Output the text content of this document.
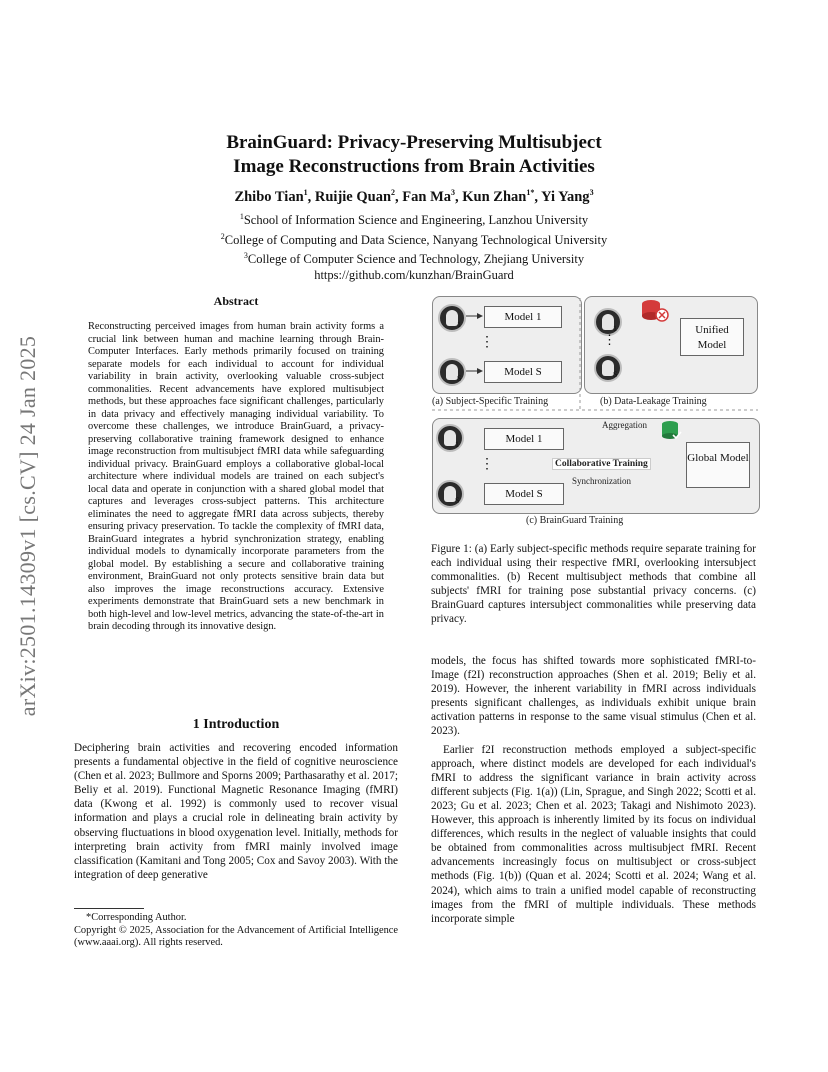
arXiv:2501.14309v1 [cs.CV] 24 Jan 2025
BrainGuard: Privacy-Preserving Multisubject
Image Reconstructions from Brain Activities
Zhibo Tian$^1$, Ruijie Quan$^2$, Fan Ma$^3$, Kun Zhan$^{1*}$, Yi Yang$^3$
$^1$School of Information Science and Engineering, Lanzhou University
$^2$College of Computing and Data Science, Nanyang Technological University
$^3$College of Computer Science and Technology, Zhejiang University
https://github.com/kunzhan/BrainGuard
Abstract
Reconstructing perceived images from human brain activity forms a crucial link between human and machine learning through Brain-Computer Interfaces. Early methods primarily focused on training separate models for each individual to account for individual variability in brain activity, overlooking valuable cross-subject commonalities. Recent advancements have explored multisubject methods, but these approaches face significant challenges, particularly in data privacy and effectively managing individual variability. To overcome these challenges, we introduce BrainGuard, a privacy-preserving collaborative training framework designed to enhance image reconstruction from multisubject fMRI data while safeguarding individual privacy. BrainGuard employs a collaborative global-local architecture where individual models are trained on each subject's local data and operate in conjunction with a shared global model that captures and leverages cross-subject patterns. This architecture eliminates the need to aggregate fMRI data across subjects, thereby ensuring privacy preservation. To tackle the complexity of fMRI data, BrainGuard integrates a hybrid synchronization strategy, enabling individual models to dynamically incorporate parameters from the global model. By establishing a secure and collaborative training environment, BrainGuard not only protects sensitive brain data but also improves the image reconstructions accuracy. Extensive experiments demonstrate that BrainGuard sets a new benchmark in both high-level and low-level metrics, advancing the state-of-the-art in brain decoding through its innovative design.
1 Introduction
Deciphering brain activities and recovering encoded information presents a fundamental objective in the field of cognitive neuroscience (Chen et al. 2023; Bullmore and Sporns 2009; Parthasarathy et al. 2017; Beliy et al. 2019). Functional Magnetic Resonance Imaging (fMRI) data (Kwong et al. 1992) is commonly used to recover visual information and plays a crucial role in delineating brain activity by observing fluctuations in blood oxygenation level. Initially, methods for interpreting brain activity from fMRI mainly involved image classification (Kamitani and Tong 2005; Cox and Savoy 2003). With the integration of deep generative

*Corresponding Author.

Copyright © 2025, Association for the Advancement of Artificial Intelligence (www.aaai.org). All rights reserved.

1
S
Model 1
Model S
⋮
(a) Subject-Specific Training
1
S
⋮
Unified Model
(b) Data-Leakage Training
1
S
Model 1
Model S
⋮
Aggregation
Collaborative Training
Synchronization
Global Model
(c) BrainGuard Training
Figure 1: (a) Early subject-specific methods require separate training for each individual using their respective fMRI, overlooking intersubject commonalities. (b) Recent multisubject methods that combine all subjects' fMRI for training pose substantial privacy concerns. (c) BrainGuard captures intersubject commonalities while preserving data privacy.

models, the focus has shifted towards more sophisticated fMRI-to-Image (f2I) reconstruction approaches (Shen et al. 2019; Beliy et al. 2019). However, the inherent variability in fMRI across individuals presents significant challenges, as individuals exhibit unique brain activation patterns in response to the same visual stimulus (Chen et al. 2023).

Earlier f2I reconstruction methods employed a subject-specific approach, where distinct models are developed for each individual's fMRI to address the significant variance in brain activity across different subjects (Fig. 1(a)) (Lin, Sprague, and Singh 2022; Scotti et al. 2023; Gu et al. 2023; Chen et al. 2023; Takagi and Nishimoto 2023). However, this approach is inherently limited by its focus on individual differences, which results in the neglect of valuable insights that could be obtained from commonalities across multisubject fMRI. Recent advancements increasingly focus on multisubject or cross-subject methods (Fig. 1(b)) (Quan et al. 2024; Scotti et al. 2024; Wang et al. 2024), which aims to train a unified model capable of reconstructing images from the fMRI of multiple individuals. These methods incorporate simple
